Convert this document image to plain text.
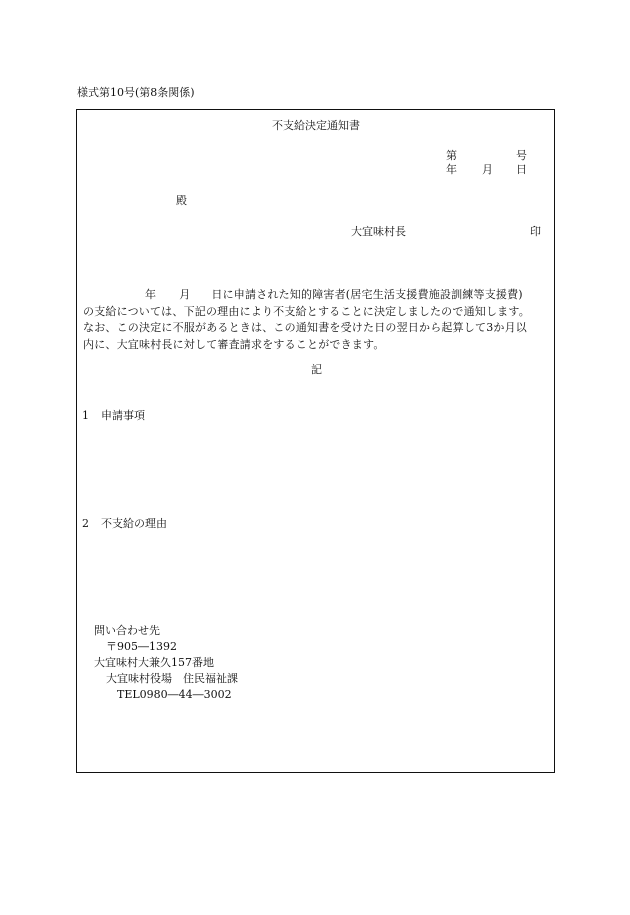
様式第10号(第8条関係)
不支給決定通知書
第	号
年 月 日
殿
大宜味村長	印
年 月 日に申請された知的障害者(居宅生活支援費施設訓練等支援費)
の支給については、下記の理由により不支給とすることに決定しましたので通知します。
なお、この決定に不服があるときは、この通知書を受けた日の翌日から起算して3か月以
内に、大宜味村長に対して審査請求をすることができます。
記
1 申請事項
2 不支給の理由
問い合わせ先
〒905―1392
大宜味村大兼久157番地
大宜味村役場　住民福祉課
TEL0980―44―3002
